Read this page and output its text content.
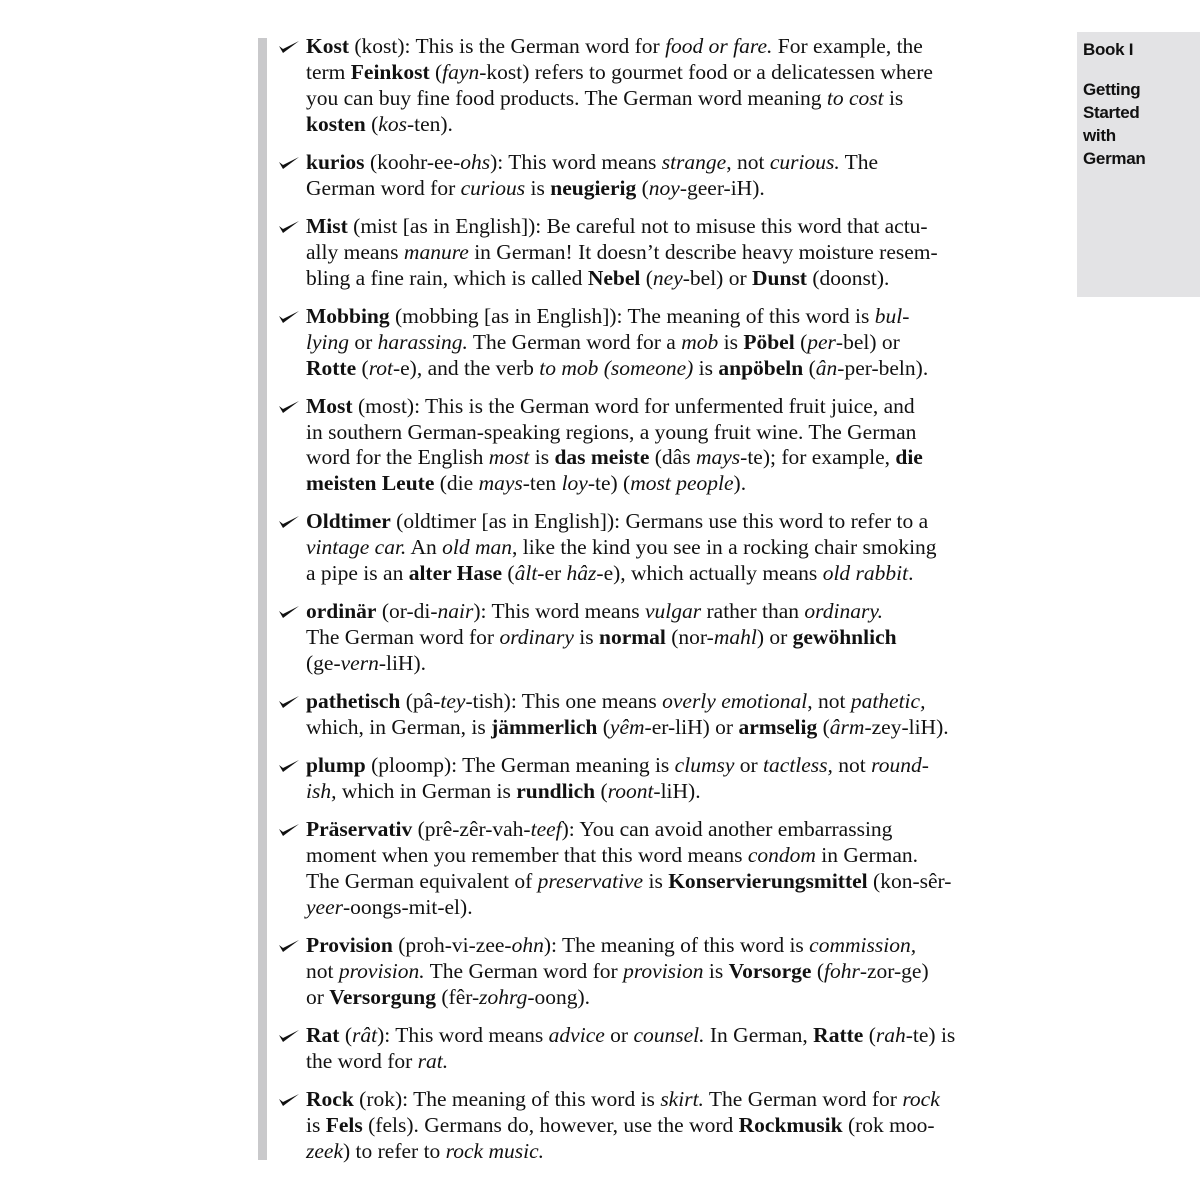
Book I
Getting
Started
with
German
Kost (kost): This is the German word for food or fare. For example, the
term Feinkost (fayn-kost) refers to gourmet food or a delicatessen where
you can buy fine food products. The German word meaning to cost is
kosten (kos-ten).
kurios (koohr-ee-ohs): This word means strange, not curious. The
German word for curious is neugierig (noy-geer-iH).
Mist (mist [as in English]): Be careful not to misuse this word that actu-
ally means manure in German! It doesn’t describe heavy moisture resem-
bling a fine rain, which is called Nebel (ney-bel) or Dunst (doonst).
Mobbing (mobbing [as in English]): The meaning of this word is bul-
lying or harassing. The German word for a mob is Pöbel (per-bel) or
Rotte (rot-e), and the verb to mob (someone) is anpöbeln (ân-per-beln).
Most (most): This is the German word for unfermented fruit juice, and
in southern German-speaking regions, a young fruit wine. The German
word for the English most is das meiste (dâs mays-te); for example, die
meisten Leute (die mays-ten loy-te) (most people).
Oldtimer (oldtimer [as in English]): Germans use this word to refer to a
vintage car. An old man, like the kind you see in a rocking chair smoking
a pipe is an alter Hase (âlt-er hâz-e), which actually means old rabbit.
ordinär (or-di-nair): This word means vulgar rather than ordinary.
The German word for ordinary is normal (nor-mahl) or gewöhnlich
(ge-vern-liH).
pathetisch (pâ-tey-tish): This one means overly emotional, not pathetic,
which, in German, is jämmerlich (yêm-er-liH) or armselig (ârm-zey-liH).
plump (ploomp): The German meaning is clumsy or tactless, not round-
ish, which in German is rundlich (roont-liH).
Präservativ (prê-zêr-vah-teef): You can avoid another embarrassing
moment when you remember that this word means condom in German.
The German equivalent of preservative is Konservierungsmittel (kon-sêr-
yeer-oongs-mit-el).
Provision (proh-vi-zee-ohn): The meaning of this word is commission,
not provision. The German word for provision is Vorsorge (fohr-zor-ge)
or Versorgung (fêr-zohrg-oong).
Rat (rât): This word means advice or counsel. In German, Ratte (rah-te) is
the word for rat.
Rock (rok): The meaning of this word is skirt. The German word for rock
is Fels (fels). Germans do, however, use the word Rockmusik (rok moo-
zeek) to refer to rock music.
